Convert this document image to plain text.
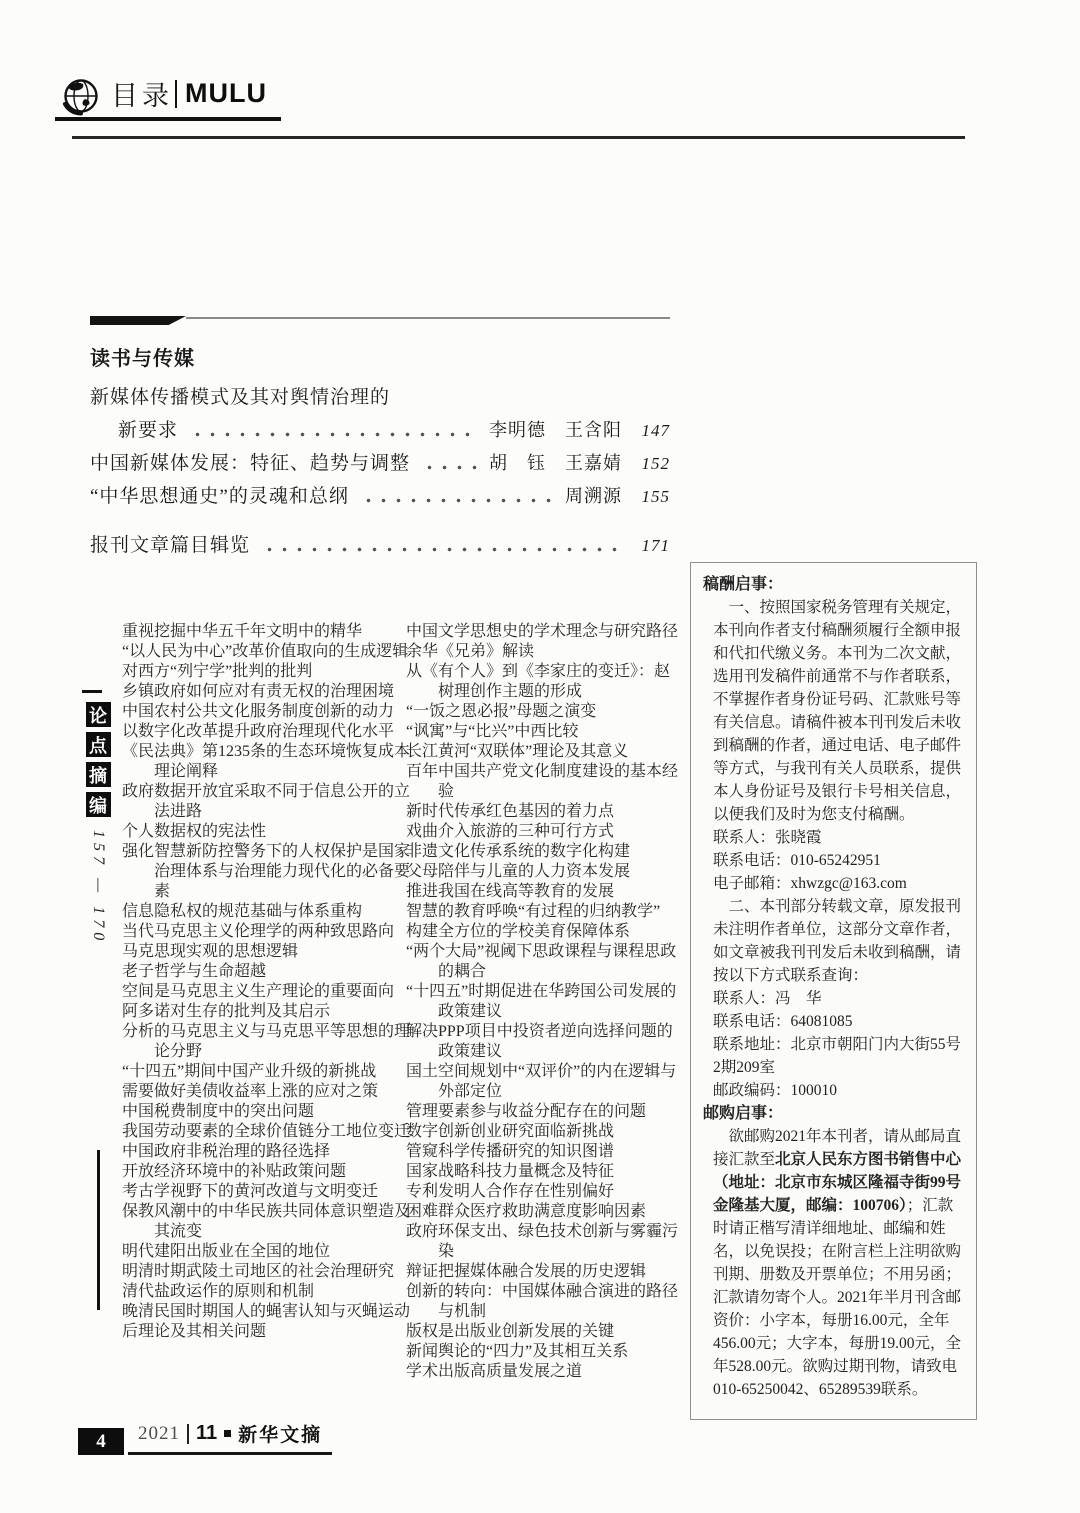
目录 MULU
读书与传媒
新媒体传播模式及其对舆情治理的
新要求	李明德　王含阳	147
中国新媒体发展：特征、趋势与调整	胡　钰　王嘉婧	152
“中华思想通史”的灵魂和总纲	周溯源	155
报刊文章篇目辑览	171
论
点
摘
编
157 — 170
重视挖掘中华五千年文明中的精华
“以人民为中心”改革价值取向的生成逻辑
对西方“列宁学”批判的批判
乡镇政府如何应对有责无权的治理困境
中国农村公共文化服务制度创新的动力
以数字化改革提升政府治理现代化水平
《民法典》第1235条的生态环境恢复成本理论阐释
政府数据开放宜采取不同于信息公开的立法进路
个人数据权的宪法性
强化智慧新防控警务下的人权保护是国家治理体系与治理能力现代化的必备要素
信息隐私权的规范基础与体系重构
当代马克思主义伦理学的两种致思路向
马克思现实观的思想逻辑
老子哲学与生命超越
空间是马克思主义生产理论的重要面向
阿多诺对生存的批判及其启示
分析的马克思主义与马克思平等思想的理论分野
“十四五”期间中国产业升级的新挑战
需要做好美债收益率上涨的应对之策
中国税费制度中的突出问题
我国劳动要素的全球价值链分工地位变迁
中国政府非税治理的路径选择
开放经济环境中的补贴政策问题
考古学视野下的黄河改道与文明变迁
保教风潮中的中华民族共同体意识塑造及其流变
明代建阳出版业在全国的地位
明清时期武陵土司地区的社会治理研究
清代盐政运作的原则和机制
晚清民国时期国人的蝇害认知与灭蝇运动
后理论及其相关问题
中国文学思想史的学术理念与研究路径
余华《兄弟》解读
从《有个人》到《李家庄的变迁》：赵树理创作主题的形成
“一饭之恩必报”母题之演变
“讽寓”与“比兴”中西比较
长江黄河“双联体”理论及其意义
百年中国共产党文化制度建设的基本经验
新时代传承红色基因的着力点
戏曲介入旅游的三种可行方式
非遗文化传承系统的数字化构建
父母陪伴与儿童的人力资本发展
推进我国在线高等教育的发展
智慧的教育呼唤“有过程的归纳教学”
构建全方位的学校美育保障体系
“两个大局”视阈下思政课程与课程思政的耦合
“十四五”时期促进在华跨国公司发展的政策建议
解决PPP项目中投资者逆向选择问题的政策建议
国土空间规划中“双评价”的内在逻辑与外部定位
管理要素参与收益分配存在的问题
数字创新创业研究面临新挑战
管窥科学传播研究的知识图谱
国家战略科技力量概念及特征
专利发明人合作存在性别偏好
困难群众医疗救助满意度影响因素
政府环保支出、绿色技术创新与雾霾污染
辩证把握媒体融合发展的历史逻辑
创新的转向：中国媒体融合演进的路径与机制
版权是出版业创新发展的关键
新闻舆论的“四力”及其相互关系
学术出版高质量发展之道
稿酬启事：

一、按照国家税务管理有关规定，本刊向作者支付稿酬须履行全额申报和代扣代缴义务。本刊为二次文献，选用刊发稿件前通常不与作者联系，不掌握作者身份证号码、汇款账号等有关信息。请稿件被本刊刊发后未收到稿酬的作者，通过电话、电子邮件等方式，与我刊有关人员联系，提供本人身份证号及银行卡号相关信息，以便我们及时为您支付稿酬。

联系人：张晓霞
联系电话：010-65242951
电子邮箱：xhwzgc@163.com

二、本刊部分转载文章，原发报刊未注明作者单位，这部分文章作者，如文章被我刊刊发后未收到稿酬，请按以下方式联系查询：

联系人：冯　华
联系电话：64081085
联系地址：北京市朝阳门内大街55号2期209室
邮政编码：100010
邮购启事：

欲邮购2021年本刊者，请从邮局直接汇款至北京人民东方图书销售中心（地址：北京市东城区隆福寺街99号金隆基大厦，邮编：100706）；汇款时请正楷写清详细地址、邮编和姓名，以免误投；在附言栏上注明欲购刊期、册数及开票单位；不用另函；汇款请勿寄个人。2021年半月刊含邮资价：小字本，每册16.00元，全年456.00元；大字本，每册19.00元，全年528.00元。欲购过期刊物，请致电010-65250042、65289539联系。

4	2021 11 新华文摘
